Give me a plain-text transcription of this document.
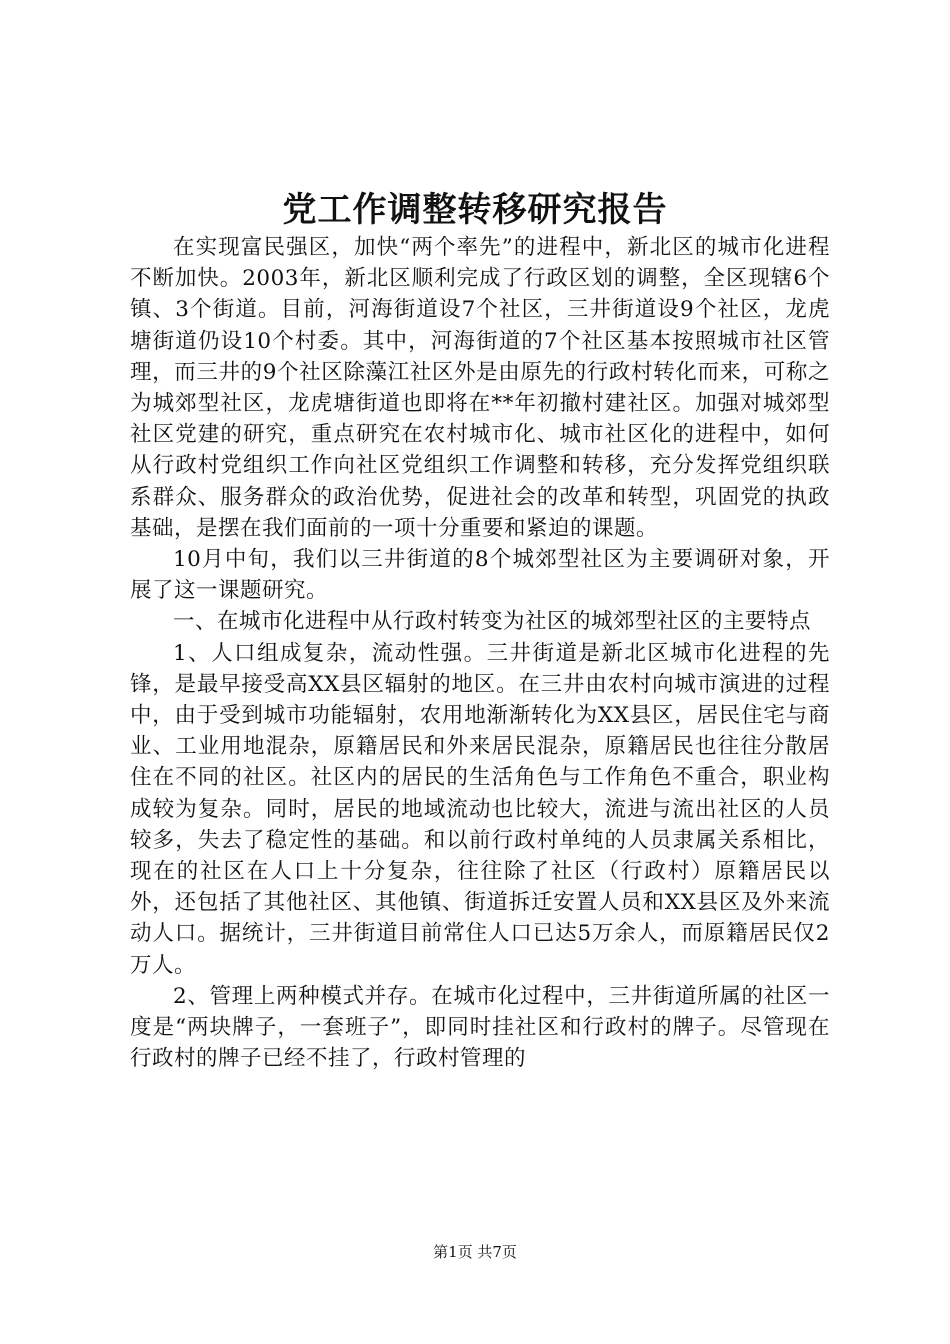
党工作调整转移研究报告

在实现富民强区，加快“两个率先”的进程中，新北区的城市化进程不断加快。2003年，新北区顺利完成了行政区划的调整，全区现辖6个镇、3个街道。目前，河海街道设7个社区，三井街道设9个社区，龙虎塘街道仍设10个村委。其中，河海街道的7个社区基本按照城市社区管理，而三井的9个社区除藻江社区外是由原先的行政村转化而来，可称之为城郊型社区，龙虎塘街道也即将在**年初撤村建社区。加强对城郊型社区党建的研究，重点研究在农村城市化、城市社区化的进程中，如何从行政村党组织工作向社区党组织工作调整和转移，充分发挥党组织联系群众、服务群众的政治优势，促进社会的改革和转型，巩固党的执政基础，是摆在我们面前的一项十分重要和紧迫的课题。

10月中旬，我们以三井街道的8个城郊型社区为主要调研对象，开展了这一课题研究。

一、在城市化进程中从行政村转变为社区的城郊型社区的主要特点

1、人口组成复杂，流动性强。三井街道是新北区城市化进程的先锋，是最早接受高XX县区辐射的地区。在三井由农村向城市演进的过程中，由于受到城市功能辐射，农用地渐渐转化为XX县区，居民住宅与商业、工业用地混杂，原籍居民和外来居民混杂，原籍居民也往往分散居住在不同的社区。社区内的居民的生活角色与工作角色不重合，职业构成较为复杂。同时，居民的地域流动也比较大，流进与流出社区的人员较多，失去了稳定性的基础。和以前行政村单纯的人员隶属关系相比，现在的社区在人口上十分复杂，往往除了社区（行政村）原籍居民以外，还包括了其他社区、其他镇、街道拆迁安置人员和XX县区及外来流动人口。据统计，三井街道目前常住人口已达5万余人，而原籍居民仅2万人。

2、管理上两种模式并存。在城市化过程中，三井街道所属的社区一度是“两块牌子，一套班子”，即同时挂社区和行政村的牌子。尽管现在行政村的牌子已经不挂了，行政村管理的

第1页 共7页
